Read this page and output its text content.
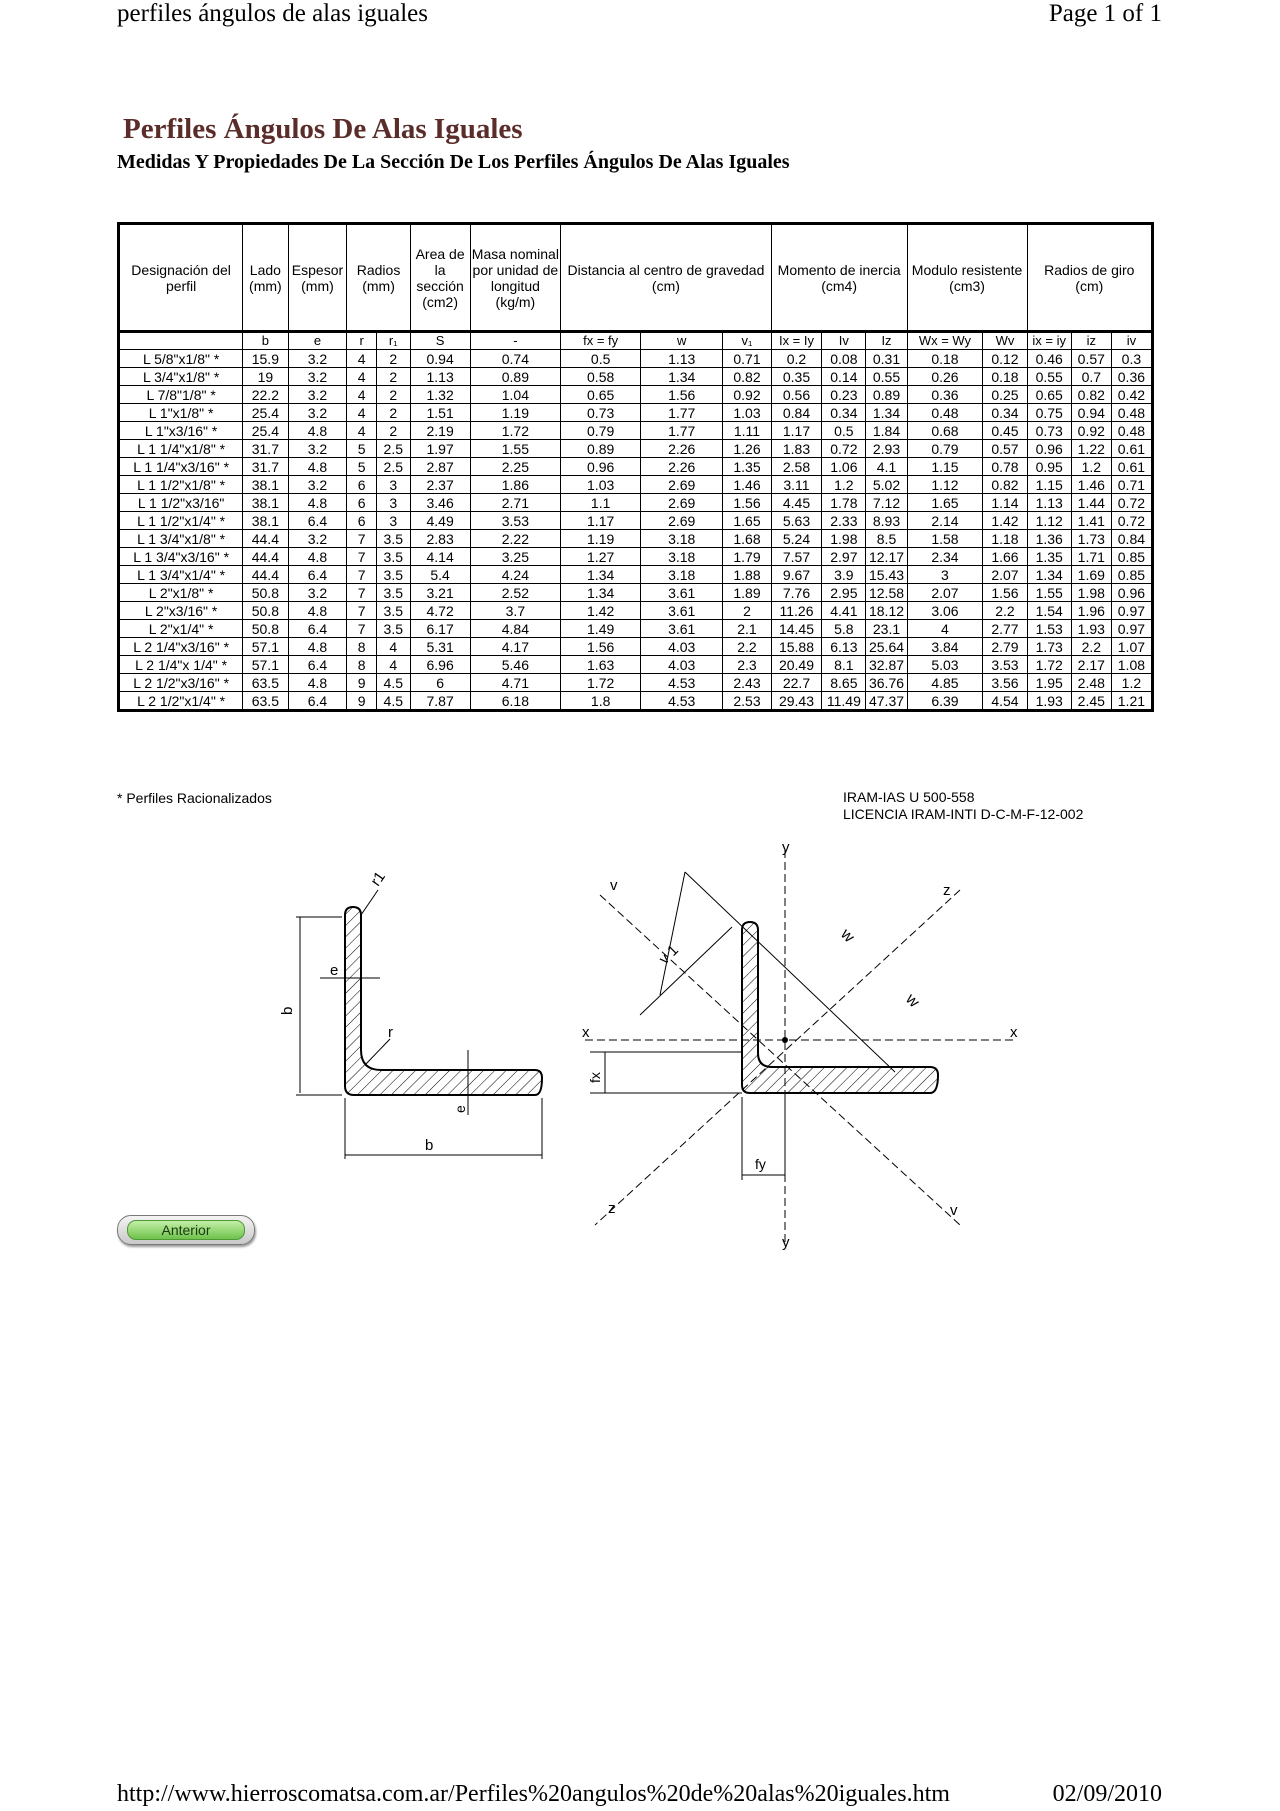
perfiles ángulos de alas iguales	Page 1 of 1
Perfiles Ángulos De Alas Iguales
Medidas Y Propiedades De La Sección De Los Perfiles Ángulos De Alas Iguales
Designación del perfil	Lado (mm)	Espesor (mm)	Radios (mm)		Area de la sección (cm2)	Masa nominal por unidad de longitud (kg/m)	Distancia al centro de gravedad (cm)			Momento de inercia (cm4)			Modulo resistente (cm3)		Radios de giro (cm)		
	b	e	r	r₁	S	-	fx = fy	w	v₁	Ix = Iy	Iv	Iz	Wx = Wy	Wv	ix = iy	iz	iv
L 5/8"x1/8" *	15.9	3.2	4	2	0.94	0.74	0.5	1.13	0.71	0.2	0.08	0.31	0.18	0.12	0.46	0.57	0.3
L 3/4"x1/8" *	19	3.2	4	2	1.13	0.89	0.58	1.34	0.82	0.35	0.14	0.55	0.26	0.18	0.55	0.7	0.36
L 7/8"1/8" *	22.2	3.2	4	2	1.32	1.04	0.65	1.56	0.92	0.56	0.23	0.89	0.36	0.25	0.65	0.82	0.42
L 1"x1/8" *	25.4	3.2	4	2	1.51	1.19	0.73	1.77	1.03	0.84	0.34	1.34	0.48	0.34	0.75	0.94	0.48
L 1"x3/16" *	25.4	4.8	4	2	2.19	1.72	0.79	1.77	1.11	1.17	0.5	1.84	0.68	0.45	0.73	0.92	0.48
L 1 1/4"x1/8" *	31.7	3.2	5	2.5	1.97	1.55	0.89	2.26	1.26	1.83	0.72	2.93	0.79	0.57	0.96	1.22	0.61
L 1 1/4"x3/16" *	31.7	4.8	5	2.5	2.87	2.25	0.96	2.26	1.35	2.58	1.06	4.1	1.15	0.78	0.95	1.2	0.61
L 1 1/2"x1/8" *	38.1	3.2	6	3	2.37	1.86	1.03	2.69	1.46	3.11	1.2	5.02	1.12	0.82	1.15	1.46	0.71
L 1 1/2"x3/16"	38.1	4.8	6	3	3.46	2.71	1.1	2.69	1.56	4.45	1.78	7.12	1.65	1.14	1.13	1.44	0.72
L 1 1/2"x1/4" *	38.1	6.4	6	3	4.49	3.53	1.17	2.69	1.65	5.63	2.33	8.93	2.14	1.42	1.12	1.41	0.72
L 1 3/4"x1/8" *	44.4	3.2	7	3.5	2.83	2.22	1.19	3.18	1.68	5.24	1.98	8.5	1.58	1.18	1.36	1.73	0.84
L 1 3/4"x3/16" *	44.4	4.8	7	3.5	4.14	3.25	1.27	3.18	1.79	7.57	2.97	12.17	2.34	1.66	1.35	1.71	0.85
L 1 3/4"x1/4" *	44.4	6.4	7	3.5	5.4	4.24	1.34	3.18	1.88	9.67	3.9	15.43	3	2.07	1.34	1.69	0.85
L 2"x1/8" *	50.8	3.2	7	3.5	3.21	2.52	1.34	3.61	1.89	7.76	2.95	12.58	2.07	1.56	1.55	1.98	0.96
L 2"x3/16" *	50.8	4.8	7	3.5	4.72	3.7	1.42	3.61	2	11.26	4.41	18.12	3.06	2.2	1.54	1.96	0.97
L 2"x1/4" *	50.8	6.4	7	3.5	6.17	4.84	1.49	3.61	2.1	14.45	5.8	23.1	4	2.77	1.53	1.93	0.97
L 2 1/4"x3/16" *	57.1	4.8	8	4	5.31	4.17	1.56	4.03	2.2	15.88	6.13	25.64	3.84	2.79	1.73	2.2	1.07
L 2 1/4"x 1/4" *	57.1	6.4	8	4	6.96	5.46	1.63	4.03	2.3	20.49	8.1	32.87	5.03	3.53	1.72	2.17	1.08
L 2 1/2"x3/16" *	63.5	4.8	9	4.5	6	4.71	1.72	4.53	2.43	22.7	8.65	36.76	4.85	3.56	1.95	2.48	1.2
L 2 1/2"x1/4" *	63.5	6.4	9	4.5	7.87	6.18	1.8	4.53	2.53	29.43	11.49	47.37	6.39	4.54	1.93	2.45	1.21
* Perfiles Racionalizados	IRAM-IAS U 500-558
LICENCIA IRAM-INTI D-C-M-F-12-002
r1
e
b
r
e
b
y
y
x	x
z
z
v
v
w
w
v 1
fx
fy
Anterior
http://www.hierroscomatsa.com.ar/Perfiles%20angulos%20de%20alas%20iguales.htm	02/09/2010
